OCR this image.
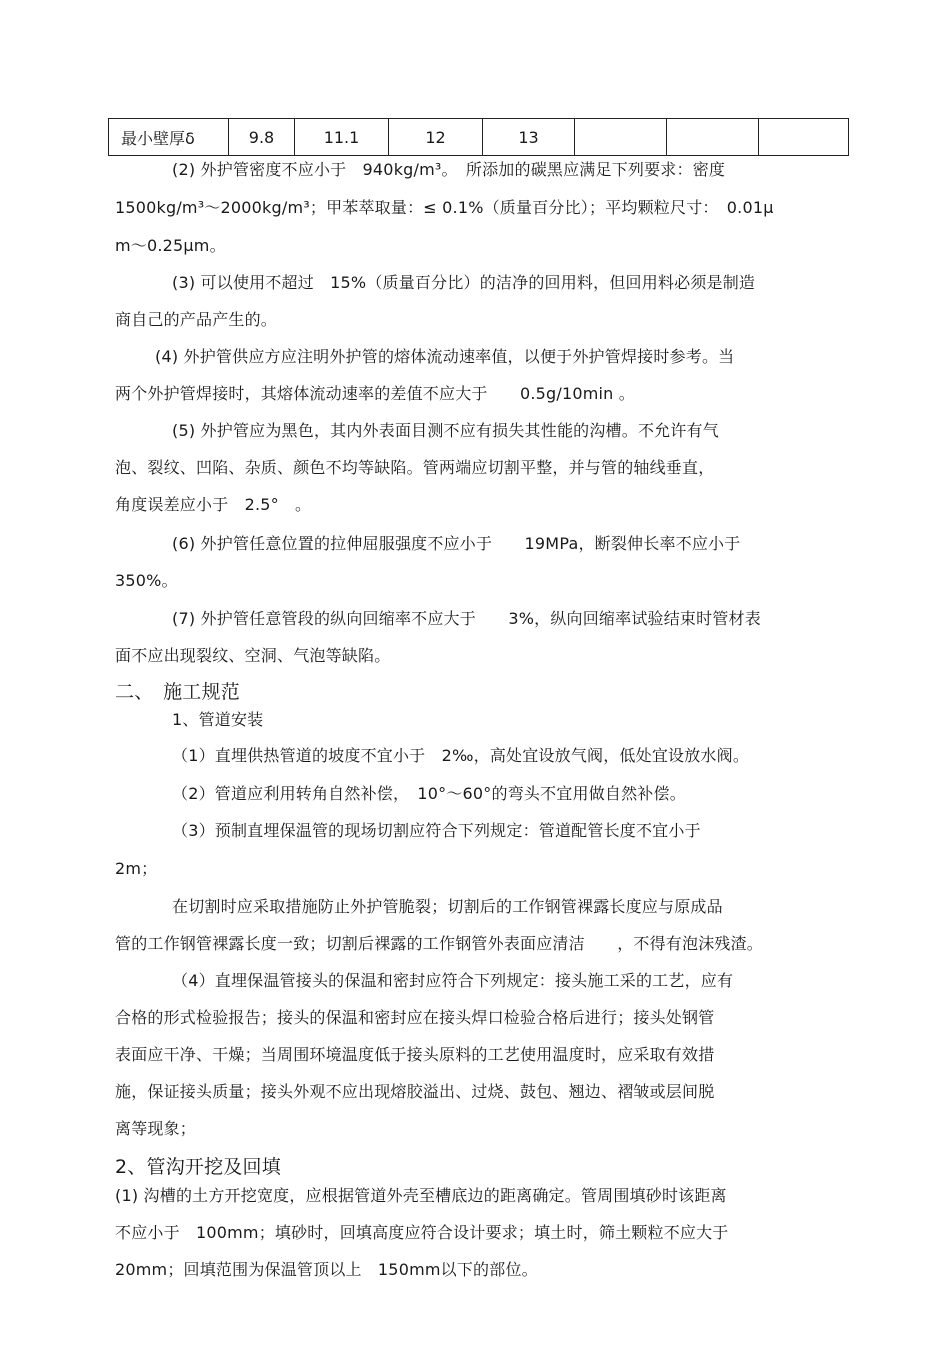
最小壁厚δ	9.8	11.1	12	13			
(2) 外护管密度不应小于　940kg/m³。　所添加的碳黑应满足下列要求：密度
1500kg/m³～2000kg/m³；甲苯萃取量：≤ 0.1%（质量百分比）；平均颗粒尺寸：　0.01μ
m～0.25μm。
(3) 可以使用不超过　15%（质量百分比）的洁净的回用料，但回用料必须是制造
商自己的产品产生的。
(4) 外护管供应方应注明外护管的熔体流动速率值，以便于外护管焊接时参考。当
两个外护管焊接时，其熔体流动速率的差值不应大于　　0.5g/10min 。
(5) 外护管应为黑色，其内外表面目测不应有损失其性能的沟槽。不允许有气
泡、裂纹、凹陷、杂质、颜色不均等缺陷。管两端应切割平整，并与管的轴线垂直，
角度误差应小于　2.5°　。
(6) 外护管任意位置的拉伸屈服强度不应小于　　19MPa，断裂伸长率不应小于
350%。
(7) 外护管任意管段的纵向回缩率不应大于　　3%，纵向回缩率试验结束时管材表
面不应出现裂纹、空洞、气泡等缺陷。
二、　施工规范
1、管道安装
（1）直埋供热管道的坡度不宜小于　2‰，高处宜设放气阀，低处宜设放水阀。
（2）管道应利用转角自然补偿，　10°～60°的弯头不宜用做自然补偿。
（3）预制直埋保温管的现场切割应符合下列规定：管道配管长度不宜小于
2m；
在切割时应采取措施防止外护管脆裂；切割后的工作钢管裸露长度应与原成品
管的工作钢管裸露长度一致；切割后裸露的工作钢管外表面应清洁　　，不得有泡沫残渣。
（4）直埋保温管接头的保温和密封应符合下列规定：接头施工采的工艺，应有
合格的形式检验报告；接头的保温和密封应在接头焊口检验合格后进行；接头处钢管
表面应干净、干燥；当周围环境温度低于接头原料的工艺使用温度时，应采取有效措
施，保证接头质量；接头外观不应出现熔胶溢出、过烧、鼓包、翘边、褶皱或层间脱
离等现象；
2、管沟开挖及回填
(1) 沟槽的土方开挖宽度，应根据管道外壳至槽底边的距离确定。管周围填砂时该距离
不应小于　100mm；填砂时，回填高度应符合设计要求；填土时，筛土颗粒不应大于
20mm；回填范围为保温管顶以上　150mm以下的部位。
